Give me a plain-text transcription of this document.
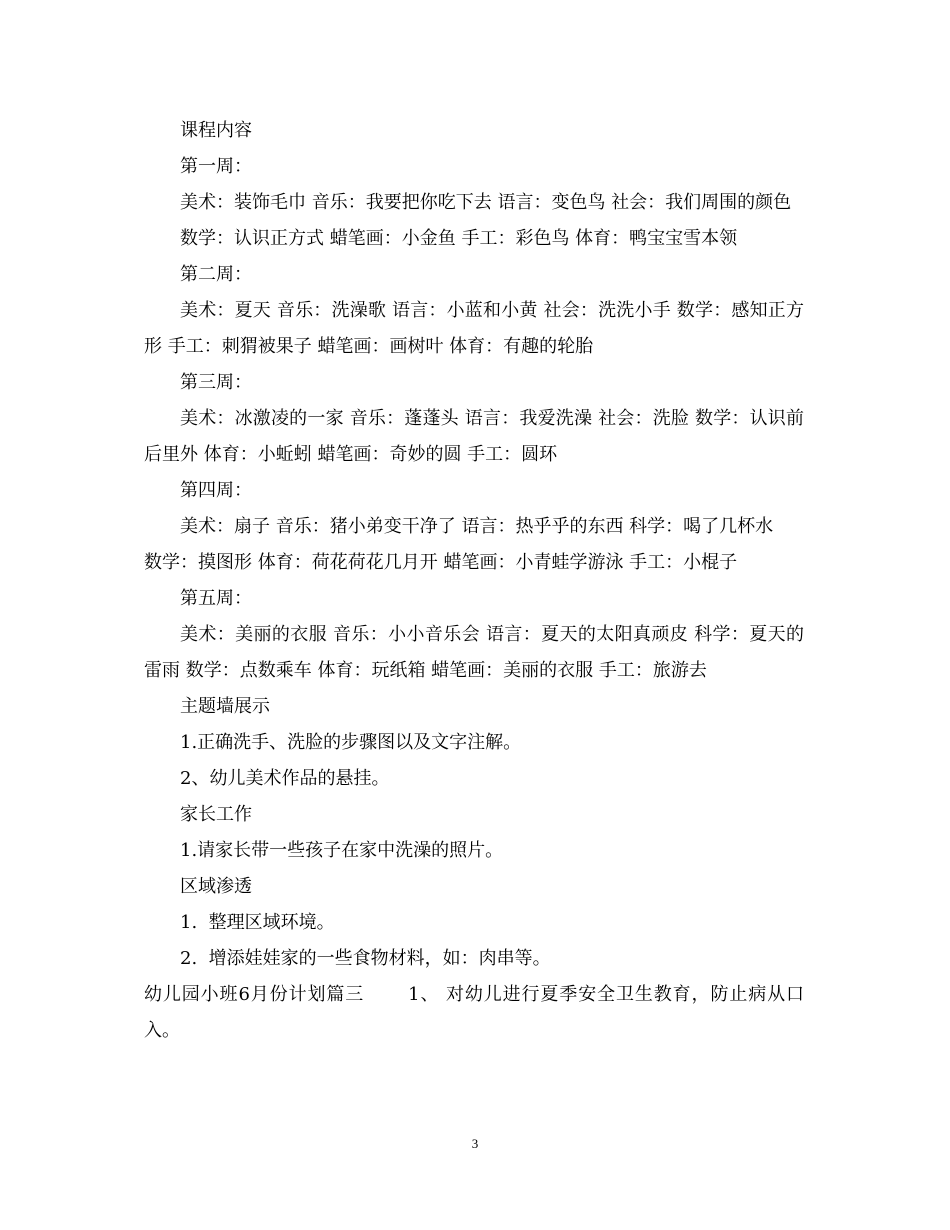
课程内容

第一周：

美术：装饰毛巾 音乐：我要把你吃下去 语言：变色鸟 社会：我们周围的颜色

数学：认识正方式 蜡笔画：小金鱼 手工：彩色鸟 体育：鸭宝宝雪本领

第二周：

美术：夏天 音乐：洗澡歌 语言：小蓝和小黄 社会：洗洗小手 数学：感知正方形 手工：刺猬被果子 蜡笔画：画树叶 体育：有趣的轮胎

第三周：

美术：冰激凌的一家 音乐：蓬蓬头 语言：我爱洗澡 社会：洗脸 数学：认识前后里外 体育：小蚯蚓 蜡笔画：奇妙的圆 手工：圆环

第四周：

美术：扇子 音乐：猪小弟变干净了 语言：热乎乎的东西 科学：喝了几杯水

数学：摸图形 体育：荷花荷花几月开 蜡笔画：小青蛙学游泳 手工：小棍子

第五周：

美术：美丽的衣服 音乐：小小音乐会 语言：夏天的太阳真顽皮 科学：夏天的雷雨 数学：点数乘车 体育：玩纸箱 蜡笔画：美丽的衣服 手工：旅游去

主题墙展示

1.正确洗手、洗脸的步骤图以及文字注解。

2、幼儿美术作品的悬挂。

家长工作

1.请家长带一些孩子在家中洗澡的照片。

区域渗透

1.  整理区域环境。

2.  增添娃娃家的一些食物材料，如：肉串等。

幼儿园小班6月份计划篇三 1、 对幼儿进行夏季安全卫生教育，防止病从口入。

3
